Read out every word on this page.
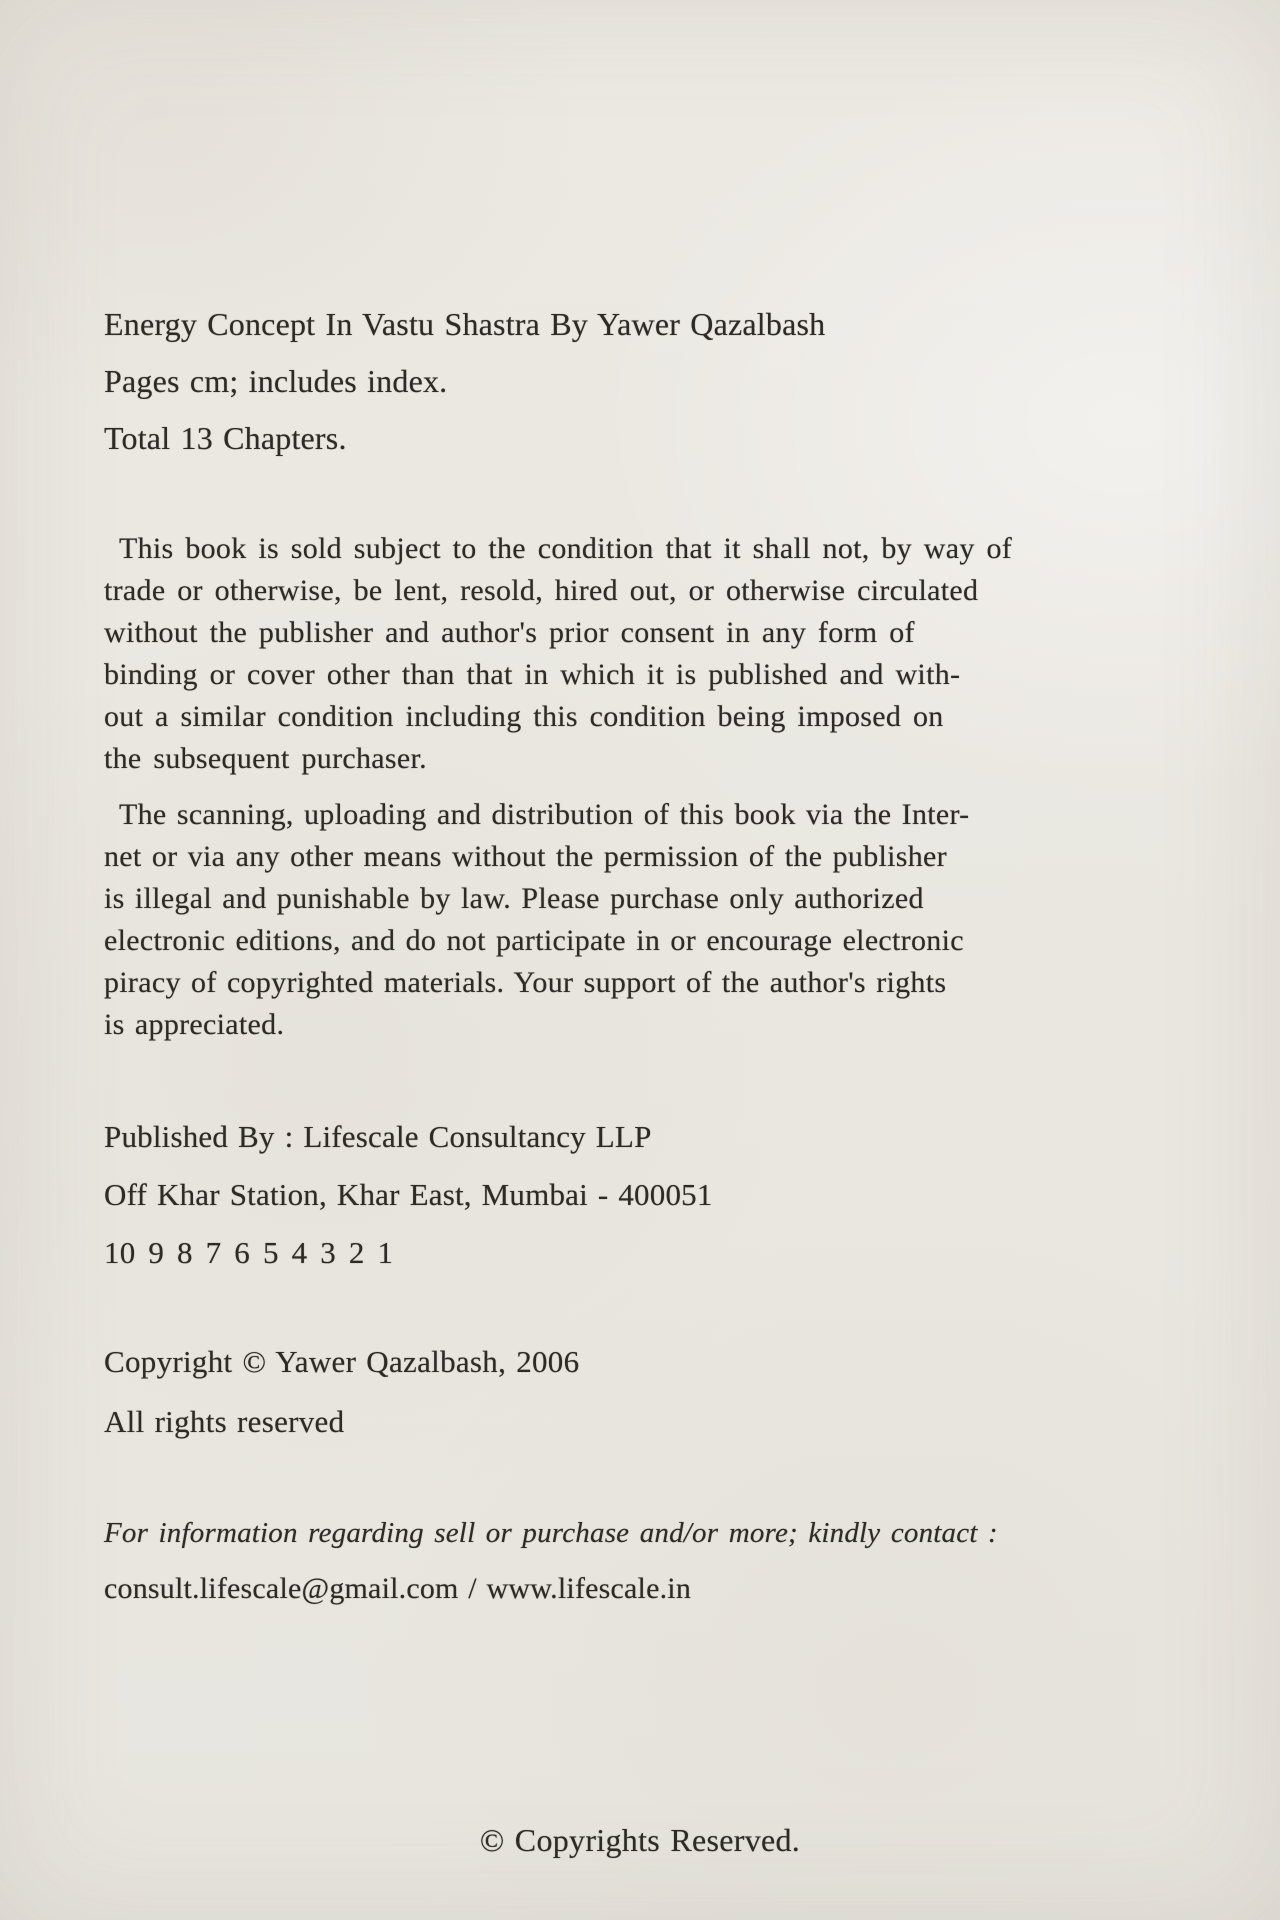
Energy Concept In Vastu Shastra By Yawer Qazalbash
Pages cm; includes index.
Total 13 Chapters.
This book is sold subject to the condition that it shall not, by way of
trade or otherwise, be lent, resold, hired out, or otherwise circulated
without the publisher and author's prior consent in any form of
binding or cover other than that in which it is published and with-
out a similar condition including this condition being imposed on
the subsequent purchaser.
The scanning, uploading and distribution of this book via the Inter-
net or via any other means without the permission of the publisher
is illegal and punishable by law. Please purchase only authorized
electronic editions, and do not participate in or encourage electronic
piracy of copyrighted materials. Your support of the author's rights
is appreciated.
Published By : Lifescale Consultancy LLP
Off Khar Station, Khar East, Mumbai - 400051
10 9 8 7 6 5 4 3 2 1
Copyright © Yawer Qazalbash, 2006
All rights reserved
For information regarding sell or purchase and/or more; kindly contact :
consult.lifescale@gmail.com / www.lifescale.in
© Copyrights Reserved.
